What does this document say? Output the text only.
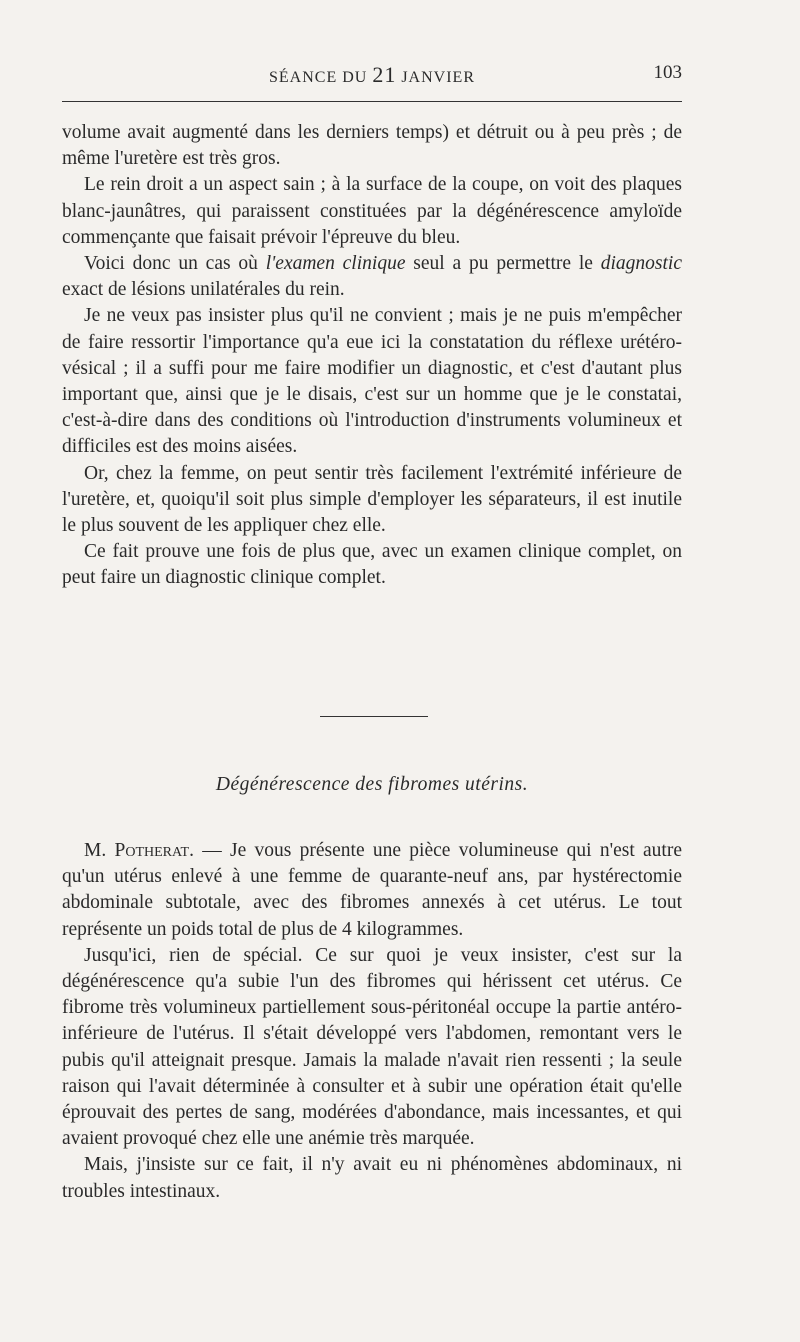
SÉANCE DU 21 JANVIER	103

volume avait augmenté dans les derniers temps) et détruit ou à peu près ; de même l'uretère est très gros.

Le rein droit a un aspect sain ; à la surface de la coupe, on voit des plaques blanc-jaunâtres, qui paraissent constituées par la dégénérescence amyloïde commençante que faisait prévoir l'épreuve du bleu.

Voici donc un cas où l'examen clinique seul a pu permettre le diagnostic exact de lésions unilatérales du rein.

Je ne veux pas insister plus qu'il ne convient ; mais je ne puis m'empêcher de faire ressortir l'importance qu'a eue ici la constatation du réflexe urétéro-vésical ; il a suffi pour me faire modifier un diagnostic, et c'est d'autant plus important que, ainsi que je le disais, c'est sur un homme que je le constatai, c'est-à-dire dans des conditions où l'introduction d'instruments volumineux et difficiles est des moins aisées.

Or, chez la femme, on peut sentir très facilement l'extrémité inférieure de l'uretère, et, quoiqu'il soit plus simple d'employer les séparateurs, il est inutile le plus souvent de les appliquer chez elle.

Ce fait prouve une fois de plus que, avec un examen clinique complet, on peut faire un diagnostic clinique complet.

Dégénérescence des fibromes utérins.

M. Potherat. — Je vous présente une pièce volumineuse qui n'est autre qu'un utérus enlevé à une femme de quarante-neuf ans, par hystérectomie abdominale subtotale, avec des fibromes annexés à cet utérus. Le tout représente un poids total de plus de 4 kilogrammes.

Jusqu'ici, rien de spécial. Ce sur quoi je veux insister, c'est sur la dégénérescence qu'a subie l'un des fibromes qui hérissent cet utérus. Ce fibrome très volumineux partiellement sous-péritonéal occupe la partie antéro-inférieure de l'utérus. Il s'était développé vers l'abdomen, remontant vers le pubis qu'il atteignait presque. Jamais la malade n'avait rien ressenti ; la seule raison qui l'avait déterminée à consulter et à subir une opération était qu'elle éprouvait des pertes de sang, modérées d'abondance, mais incessantes, et qui avaient provoqué chez elle une anémie très marquée.

Mais, j'insiste sur ce fait, il n'y avait eu ni phénomènes abdominaux, ni troubles intestinaux.
